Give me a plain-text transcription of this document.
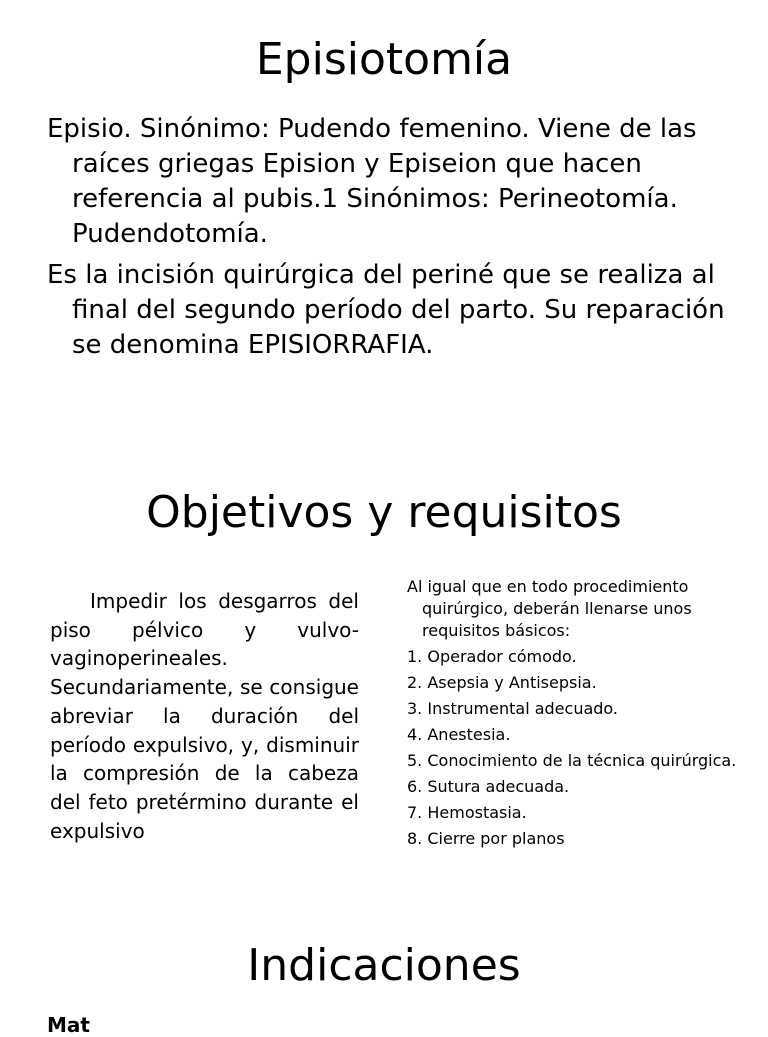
Episiotomía

Episio. Sinónimo: Pudendo femenino. Viene de las raíces griegas Epision y Episeion que hacen referencia al pubis.1 Sinónimos: Perineotomía. Pudendotomía.

Es la incisión quirúrgica del periné que se realiza al final del segundo período del parto. Su reparación se denomina EPISIORRAFIA.

Objetivos y requisitos
Impedir los desgarros del piso pélvico y vulvo-vaginoperineales. Secundariamente, se consigue abreviar la duración del período expulsivo, y, disminuir la compresión de la cabeza del feto pretérmino durante el expulsivo

Al igual que en todo procedimiento quirúrgico, deberán llenarse unos requisitos básicos:

1. Operador cómodo.
2. Asepsia y Antisepsia.
3. Instrumental adecuado.
4. Anestesia.
5. Conocimiento de la técnica quirúrgica.
6. Sutura adecuada.
7. Hemostasia.
8. Cierre por planos
Indicaciones
Mat
